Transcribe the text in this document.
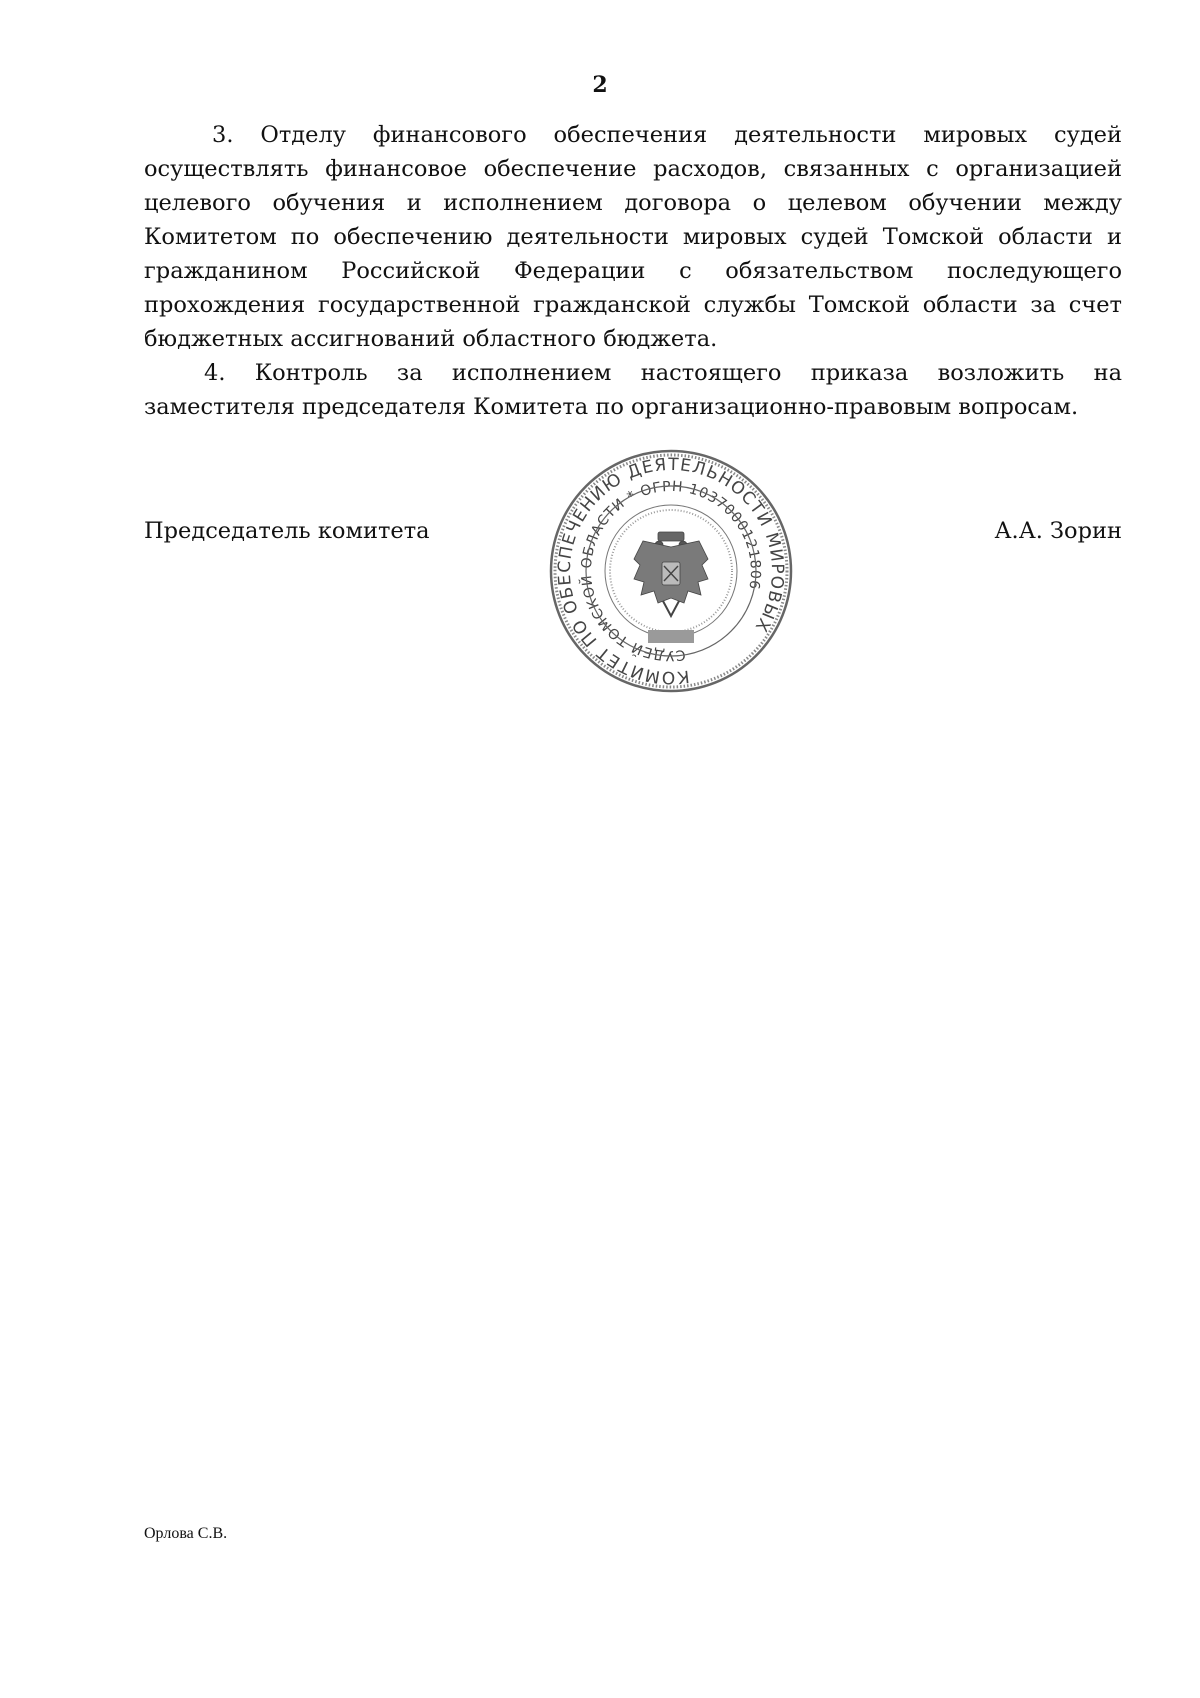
2

3. Отделу финансового обеспечения деятельности мировых судей осуществлять финансовое обеспечение расходов, связанных с организацией целевого обучения и исполнением договора о целевом обучении между Комитетом по обеспечению деятельности мировых судей Томской области и гражданином Российской Федерации с обязательством последующего прохождения государственной гражданской службы Томской области за счет бюджетных ассигнований областного бюджета.

4. Контроль за исполнением настоящего приказа возложить на заместителя председателя Комитета по организационно-правовым вопросам.

КОМИТЕТ ПО ОБЕСПЕЧЕНИЮ ДЕЯТЕЛЬНОСТИ МИРОВЫХ
СУДЕЙ ТОМСКОЙ ОБЛАСТИ * ОГРН 1037000121806
Председатель комитета	А.А. Зорин
Орлова С.В.
